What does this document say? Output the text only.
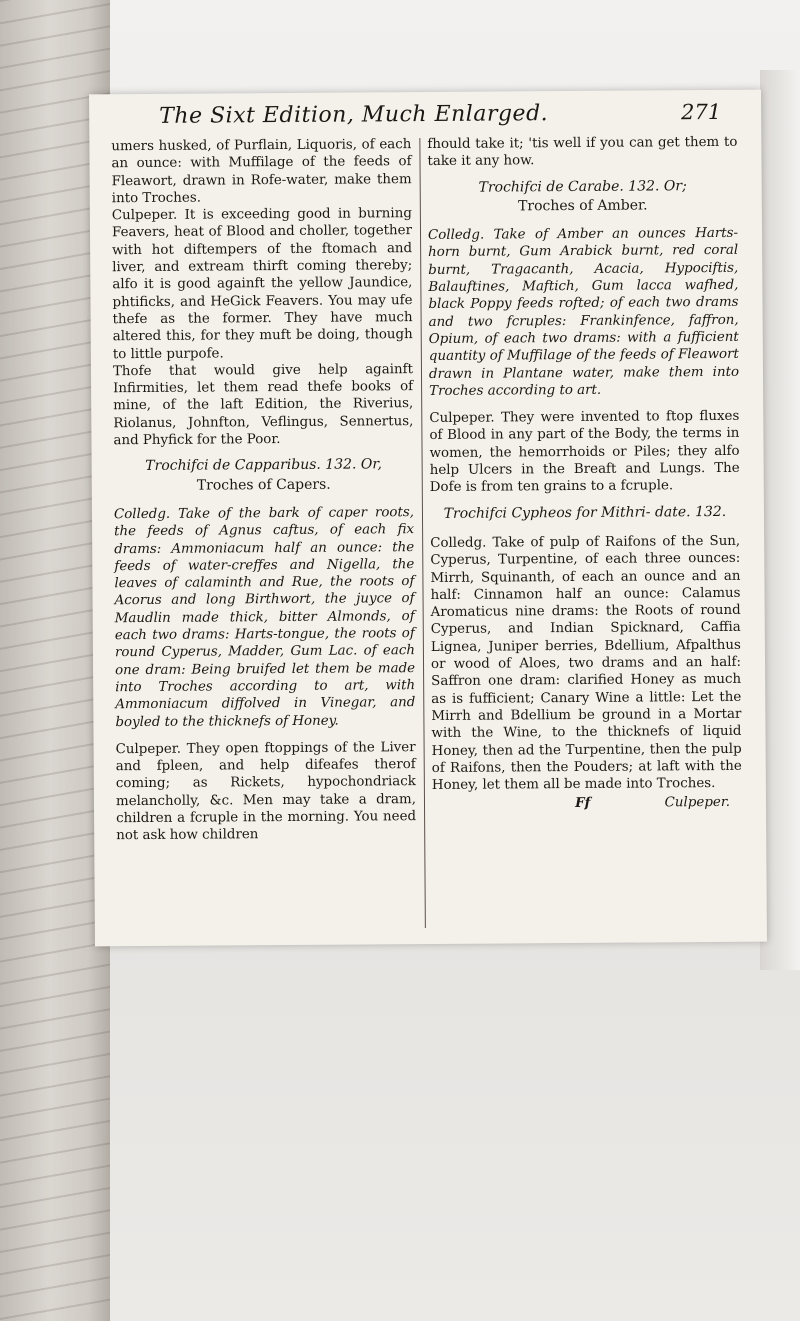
The Sixt Edition, Much Enlarged.	271

umers husked, of Purflain, Liquoris, of each an ounce: with Muffilage of the feeds of Fleawort, drawn in Rofe-water, make them into Troches.

Culpeper. It is exceeding good in burning Feavers, heat of Blood and choller, together with hot diftempers of the ftomach and liver, and extream thirft coming thereby; alfo it is good againft the yellow Jaundice, phtificks, and HeGick Feavers. You may ufe thefe as the former. They have much altered this, for they muft be doing, though to little purpofe.

Thofe that would give help againft Infirmities, let them read thefe books of mine, of the laft Edition, the Riverius, Riolanus, Johnfton, Veflingus, Sennertus, and Phyfick for the Poor.

Trochifci de Capparibus. 132. Or,

Troches of Capers.

Colledg. Take of the bark of caper roots, the feeds of Agnus caftus, of each fix drams: Ammoniacum half an ounce: the feeds of water-creffes and Nigella, the leaves of calaminth and Rue, the roots of Acorus and long Birthwort, the juyce of Maudlin made thick, bitter Almonds, of each two drams: Harts-tongue, the roots of round Cyperus, Madder, Gum Lac. of each one dram: Being bruifed let them be made into Troches according to art, with Ammoniacum diffolved in Vinegar, and boyled to the thicknefs of Honey.

Culpeper. They open ftoppings of the Liver and fpleen, and help difeafes therof coming; as Rickets, hypochondriack melancholly, &c. Men may take a dram, children a fcruple in the morning. You need not ask how children

fhould take it; 'tis well if you can get them to take it any how.

Trochifci de Carabe. 132. Or;

Troches of Amber.

Colledg. Take of Amber an ounces Harts-horn burnt, Gum Arabick burnt, red coral burnt, Tragacanth, Acacia, Hypociftis, Balauftines, Maftich, Gum lacca wafhed, black Poppy feeds rofted; of each two drams and two fcruples: Frankinfence, faffron, Opium, of each two drams: with a fufficient quantity of Muffilage of the feeds of Fleawort drawn in Plantane water, make them into Troches according to art.

Culpeper. They were invented to ftop fluxes of Blood in any part of the Body, the terms in women, the hemorrhoids or Piles; they alfo help Ulcers in the Breaft and Lungs. The Dofe is from ten grains to a fcruple.

Trochifci Cypheos for Mithri- date. 132.

Colledg. Take of pulp of Raifons of the Sun, Cyperus, Turpentine, of each three ounces: Mirrh, Squinanth, of each an ounce and an half: Cinnamon half an ounce: Calamus Aromaticus nine drams: the Roots of round Cyperus, and Indian Spicknard, Caffia Lignea, Juniper berries, Bdellium, Afpalthus or wood of Aloes, two drams and an half: Saffron one dram: clarified Honey as much as is fufficient; Canary Wine a little: Let the Mirrh and Bdellium be ground in a Mortar with the Wine, to the thicknefs of liquid Honey, then ad the Turpentine, then the pulp of Raifons, then the Pouders; at laft with the Honey, let them all be made into Troches.

Ff	Culpeper.
